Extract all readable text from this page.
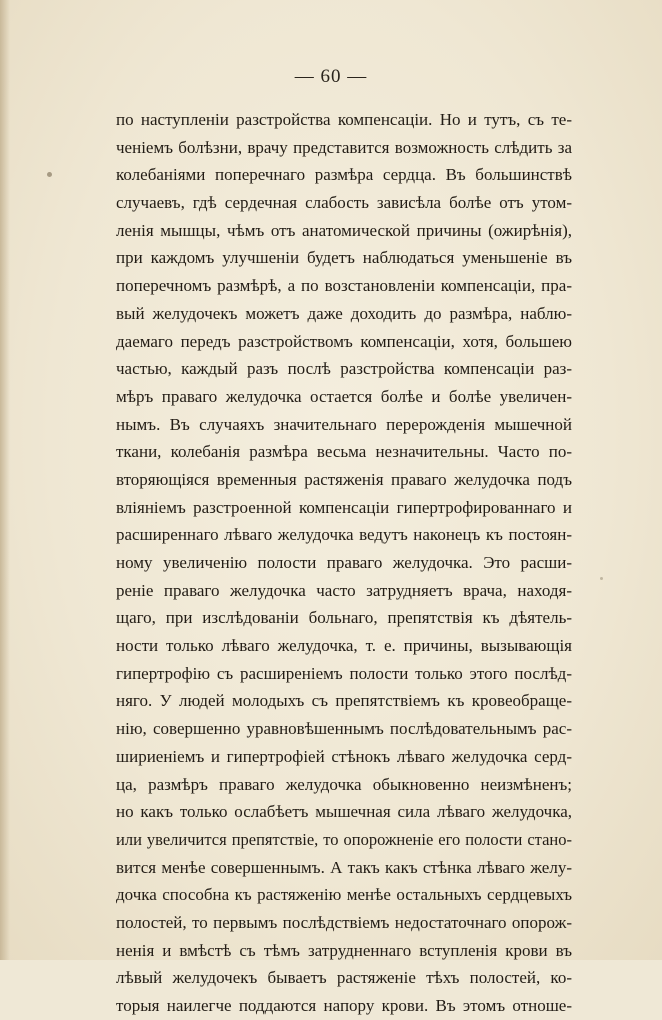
— 60 —
по наступленіи разстройства компенсаціи. Но и тутъ, съ те-
ченіемъ болѣзни, врачу представится возможность слѣдить за
колебаніями поперечнаго размѣра сердца. Въ большинствѣ
случаевъ, гдѣ сердечная слабость зависѣла болѣе отъ утом-
ленія мышцы, чѣмъ отъ анатомической причины (ожирѣнія),
при каждомъ улучшеніи будетъ наблюдаться уменьшеніе въ
поперечномъ размѣрѣ, а по возстановленіи компенсаціи, пра-
вый желудочекъ можетъ даже доходить до размѣра, наблю-
даемаго передъ разстройствомъ компенсаціи, хотя, большею
частью, каждый разъ послѣ разстройства компенсаціи раз-
мѣръ праваго желудочка остается болѣе и болѣе увеличен-
нымъ. Въ случаяхъ значительнаго перерожденія мышечной
ткани, колебанія размѣра весьма незначительны. Часто по-
вторяющіяся временныя растяженія праваго желудочка подъ
вліяніемъ разстроенной компенсаціи гипертрофированнаго и
расширеннаго лѣваго желудочка ведутъ наконецъ къ постоян-
ному увеличенію полости праваго желудочка. Это расши-
реніе праваго желудочка часто затрудняетъ врача, находя-
щаго, при изслѣдованіи больнаго, препятствія къ дѣятель-
ности только лѣваго желудочка, т. е. причины, вызывающія
гипертрофію съ расширеніемъ полости только этого послѣд-
няго. У людей молодыхъ съ препятствіемъ къ кровеобраще-
нію, совершенно уравновѣшеннымъ послѣдовательнымъ рас-
шириеніемъ и гипертрофіей стѣнокъ лѣваго желудочка серд-
ца, размѣръ праваго желудочка обыкновенно неизмѣненъ;
но какъ только ослабѣетъ мышечная сила лѣваго желудочка,
или увеличится препятствіе, то опорожненіе его полости стано-
вится менѣе совершеннымъ. А такъ какъ стѣнка лѣваго желу-
дочка способна къ растяженію менѣе остальныхъ сердцевыхъ
полостей, то первымъ послѣдствіемъ недостаточнаго опорож-
ненія и вмѣстѣ съ тѣмъ затрудненнаго вступленія крови въ
лѣвый желудочекъ бываетъ растяженіе тѣхъ полостей, ко-
торыя наилегче поддаются напору крови. Въ этомъ отноше-
